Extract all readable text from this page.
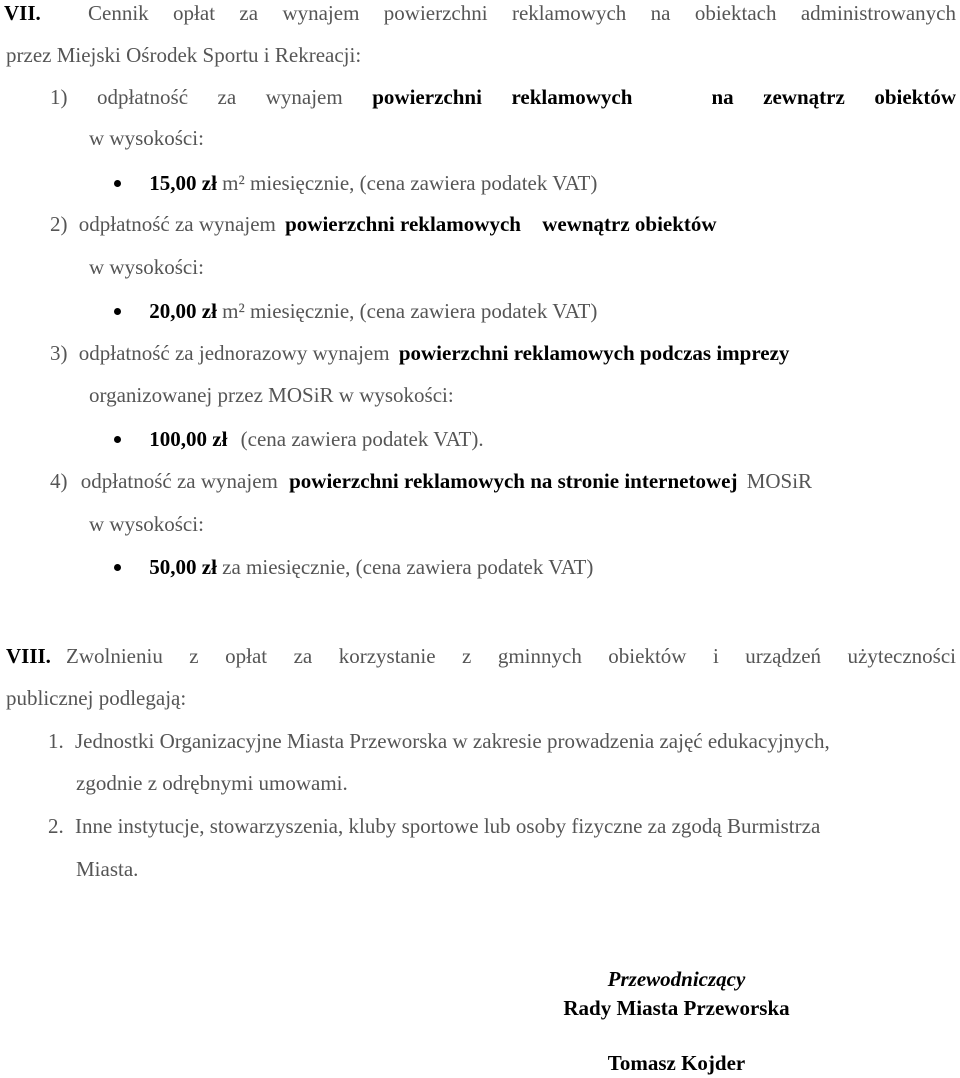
VII. Cennik opłat za wynajem powierzchni reklamowych na obiektach administrowanych
przez Miejski Ośrodek Sportu i Rekreacji:
1) odpłatność za wynajem powierzchni reklamowych	na zewnątrz obiektów
w wysokości:
15,00 zł m² miesięcznie, (cena zawiera podatek VAT)
2) odpłatność za wynajem powierzchni reklamowych wewnątrz obiektów
w wysokości:
20,00 zł m² miesięcznie, (cena zawiera podatek VAT)
3) odpłatność za jednorazowy wynajem powierzchni reklamowych podczas imprezy
organizowanej przez MOSiR w wysokości:
100,00 zł (cena zawiera podatek VAT).
4) odpłatność za wynajem powierzchni reklamowych na stronie internetowej MOSiR
w wysokości:
50,00 zł za miesięcznie, (cena zawiera podatek VAT)
VIII. Zwolnieniu z opłat za korzystanie z gminnych obiektów i urządzeń użyteczności
publicznej podlegają:
1. Jednostki Organizacyjne Miasta Przeworska w zakresie prowadzenia zajęć edukacyjnych,
zgodnie z odrębnymi umowami.
2. Inne instytucje, stowarzyszenia, kluby sportowe lub osoby fizyczne za zgodą Burmistrza
Miasta.
Przewodniczący
Rady Miasta Przeworska
Tomasz Kojder
